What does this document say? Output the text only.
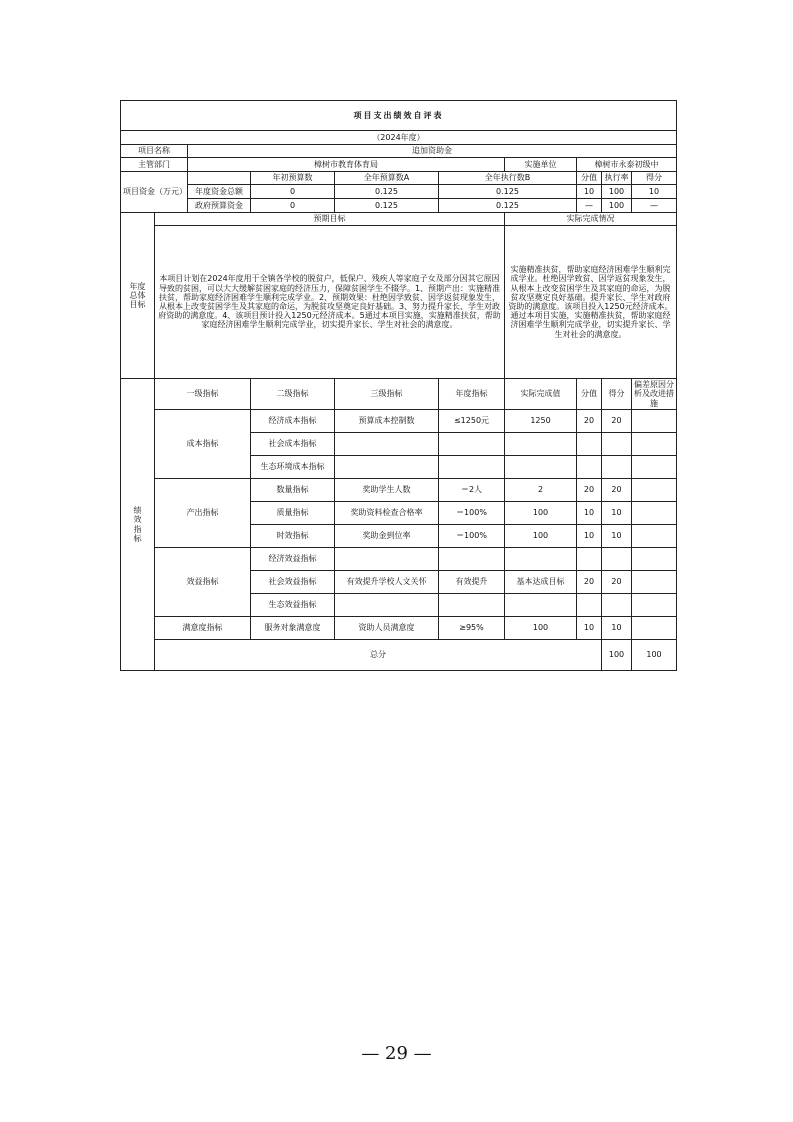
项目支出绩效自评表										
（2024年度）										
项目名称		追加资助金								
主管部门		樟树市教育体育局				实施单位	樟树市永泰初级中			
项目资金（万元）			年初预算数	全年预算数A	全年执行数B		分值	执行率	得分	
		年度资金总额	0	0.125	0.125		10	100	10	
		政府预算资金	0	0.125	0.125		—	100	—	
年度总体目标	预期目标					实际完成情况				
	本项目计划在2024年度用于全镇各学校的脱贫户，低保户、残疾人等家庭子女及部分因其它原因导致的贫困，可以大大缓解贫困家庭的经济压力，保障贫困学生不辍学。1、预期产出：实施精准扶贫，帮助家庭经济困难学生顺利完成学业。2、预期效果：杜绝因学致贫、因学返贫现象发生，从根本上改变贫困学生及其家庭的命运，为脱贫攻坚奠定良好基础。3、努力提升家长、学生对政府资助的满意度。4、该项目预计投入1250元经济成本。5通过本项目实施，实施精准扶贫，帮助家庭经济困难学生顺利完成学业，切实提升家长、学生对社会的满意度。					实施精准扶贫，帮助家庭经济困难学生顺利完成学业。杜绝因学致贫、因学返贫现象发生，从根本上改变贫困学生及其家庭的命运，为脱贫攻坚奠定良好基础。提升家长、学生对政府资助的满意度。该项目投入1250元经济成本。通过本项目实施，实施精准扶贫，帮助家庭经济困难学生顺利完成学业，切实提升家长、学生对社会的满意度。				
绩效指标	一级指标		二级指标	三级指标	年度指标	实际完成值	分值	得分	偏差原因分析及改进措施	
	成本指标		经济成本指标	预算成本控制数	≤1250元	1250	20	20		
			社会成本指标							
			生态环境成本指标							
	产出指标		数量指标	奖助学生人数	＝2人	2	20	20		
			质量指标	奖助资料检查合格率	＝100%	100	10	10		
			时效指标	奖助金到位率	＝100%	100	10	10		
	效益指标		经济效益指标							
			社会效益指标	有效提升学校人文关怀	有效提升	基本达成目标	20	20		
			生态效益指标							
	满意度指标		服务对象满意度	资助人员满意度	≥95%	100	10	10		
	总分							100	100	
— 29 —
